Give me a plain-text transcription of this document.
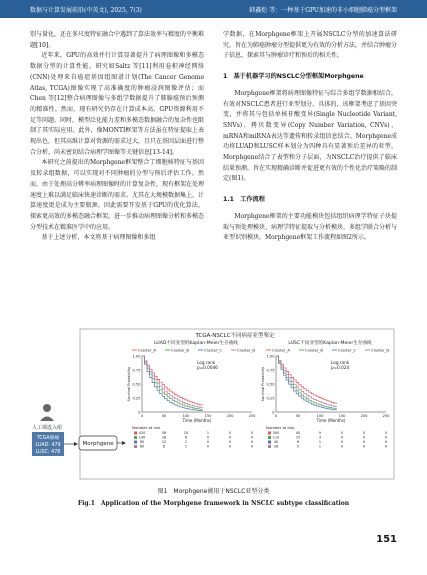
数据与计算发展前沿(中英文), 2025, 7(3)	韩鑫炬 等：一种基于GPU加速的非小细胞肺癌分型框架

别与量化，还在多尺度特征融合中遇到了算法效率与精度的平衡难题[10]。

近年来，GPU的高效并行计算显著提升了病理图像和多模态数据分型的计算性能。研究如Saltz 等[11]利用卷积神经网络(CNN)处理来自癌症基因组图谱计划(The Cancer Genome Atlas, TCGA)图像实现了高准确度的肿瘤浸润图像评估；而Chen 等[12]整合病理图像与多组学数据提升了肺腺癌预后预测的精准性。然而，现有研究仍存在计算成本高、GPU资源利用不足等问题。同时，模型泛化能力差和多模态数据融合的复杂性也限制了其实际应用。此外，像MONTI框架等方法虽在特征提取上表现出色，但其高维计算对资源的需求过大，且只在基因层面进行整合分析，尚未密切结合病理学图像等关键信息[13-14]。

本研究之前提出的Morphgene框架整合了细胞核特征与基因及转录组数据，可以实现对不同肿瘤的分型与预后评估工作。然而，由于处理高分辨率病理图像时的计算复杂性，现有框架在处理速度上难以满足临床快速诊断的需求。尤其在大规模数据集上，计算速度更是成为主要瓶颈。因此需要开发基于GPU的优化算法，探索更高效的多模态融合框架，进一步推动病理图像分析和多模态分型技术在精准医学中的应用。

基于上述分析，本文将基于病理图像和多组

学数据，在Morphgene框架上开展NSCLC分型的加速算法研究，旨在为肺癌肿瘤分型提供更为有效的分析方法，并结合肿瘤分子信息，探索其与肿瘤诊疗和预后的相关性。

1　基于机器学习的NSCLC分型框架Morphgene

Morphgene框架将病理图像特征与综合多组学数据相结合，有效对NSCLC患者进行亚型划分。具体的，该框架考虑了基因突变，并将其与包括单核苷酸变异(Single Nucleotide Variant, SNVs)、拷贝数变异(Copy Number Variation, CNVs)、mRNA和miRNA表达等遗传和转录组信息结合。Morphgene成功将LUAD和LUSC样本划分为四种具有显著预后差异的亚型。Morphgene结合了表型和分子层面，为NSCLC治疗提供了临床结果预测，旨在实现精确诊断并促进更有效的个性化治疗策略的制定(图1)。

1.1　工作流程

Morphgene框架的主要功能模块包括组织病理学特征子块提取与预处理模块、病理学特征提取与分析模块、多组学联合分析与亚型识别模块。Morphgene框架工作流程如图2所示。

TCGA-NSCLC不同病症亚型鉴定
人工筛选入组
TCGA肺癌
LUAD: 479
LUSC: 478
Morphgene
LUAD不同亚型的Kaplan-Meier生存曲线
Cluster_A	Cluster_B	Cluster_C	Cluster_D
1.00
0.75
0.50
0.25
0
0	50	100	150	200	250
Survival Probability
Time (Months)
Log rank
p=0.0046
Number at risk
420	58	10	1	0	0
140	18	6	0	0	0
90	12	2	0	0	0
60	8	1	0	0	0
LUSC不同亚型的Kaplan-Meier生存曲线
Cluster_A	Cluster_B	Cluster_C	Cluster_D
1.00
0.75
0.50
0.25
0
0	50	100	150	200	250
Survival Probability
Time (Months)
Log rank
p=0.024
Number at risk
300	40	9	0	0	0
110	15	3	0	0	0
40	6	1	0	0	0
28	5	1	0	0	0
图1　Morphgene被用于NSCLC亚型分类
Fig.1　Application of the Morphgene framework in NSCLC subtype classification
151
